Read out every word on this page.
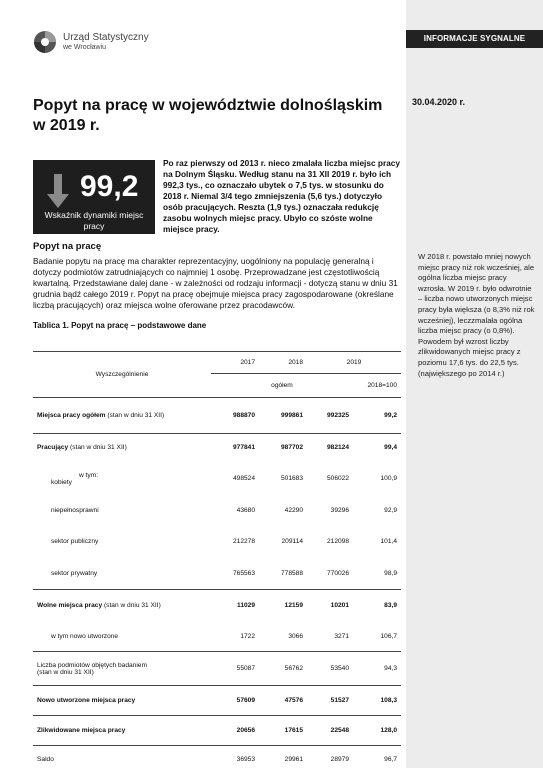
INFORMACJE SYGNALNE
Urząd Statystyczny
we Wrocławiu
Popyt na pracę w województwie dolnośląskim w 2019 r.
30.04.2020 r.
99,2
Wskaźnik dynamiki miejsc pracy
Po raz pierwszy od 2013 r. nieco zmalała liczba miejsc pracy na Dolnym Śląsku. Według stanu na 31 XII 2019 r. było ich 992,3 tys., co oznaczało ubytek o 7,5 tys. w stosunku do 2018 r. Niemal 3/4 tego zmniejszenia (5,6 tys.) dotyczyło osób pracujących. Reszta (1,9 tys.) oznaczała redukcję zasobu wolnych miejsc pracy. Ubyło co szóste wolne miejsce pracy.
Popyt na pracę
Badanie popytu na pracę ma charakter reprezentacyjny, uogólniony na populację generalną i dotyczy podmiotów zatrudniających co najmniej 1 osobę. Przeprowadzane jest częstotliwością kwartalną. Przedstawiane dalej dane - w zależności od rodzaju informacji - dotyczą stanu w dniu 31 grudnia bądź całego 2019 r. Popyt na pracę obejmuje miejsca pracy zagospodarowane (określane liczbą pracujących) oraz miejsca wolne oferowane przez pracodawców.
W 2018 r. powstało mniej nowych miejsc pracy niż rok wcześniej, ale ogólna liczba miejsc pracy wzrosła. W 2019 r. było odwrotnie – liczba nowo utworzonych miejsc pracy była większa (o 8,3% niż rok wcześniej), leczzmalała ogólna liczba miejsc pracy (o 0,8%). Powodem był wzrost liczby zlikwidowanych miejsc pracy z poziomu 17,6 tys. do 22,5 tys. (największego po 2014 r.)
Tablica 1. Popyt na pracę – podstawowe dane
Wyszczególnienie	2017	2018	2019	
	ogółem			2018=100
Miejsca pracy ogółem (stan w dniu 31 XII)	988870	999861	992325	99,2
Pracujący (stan w dniu 31 XII)	977841	987702	982124	99,4

w tym:
kobiety	498524	501683	506022	100,9
niepełnosprawni	43680	42290	39296	92,9
sektor publiczny	212278	209114	212098	101,4
sektor prywatny	765563	778588	770026	98,9
Wolne miejsca pracy (stan w dniu 31 XII)	11029	12159	10201	83,9
w tym nowo utworzone	1722	3066	3271	106,7

Liczba podmiotów objętych badaniem
(stan w dniu 31 XII)	55087	56762	53540	94,3
Nowo utworzone miejsca pracy	57609	47576	51527	108,3
Zlikwidowane miejsca pracy	20656	17615	22548	128,0
Saldo	36953	29961	28979	96,7
